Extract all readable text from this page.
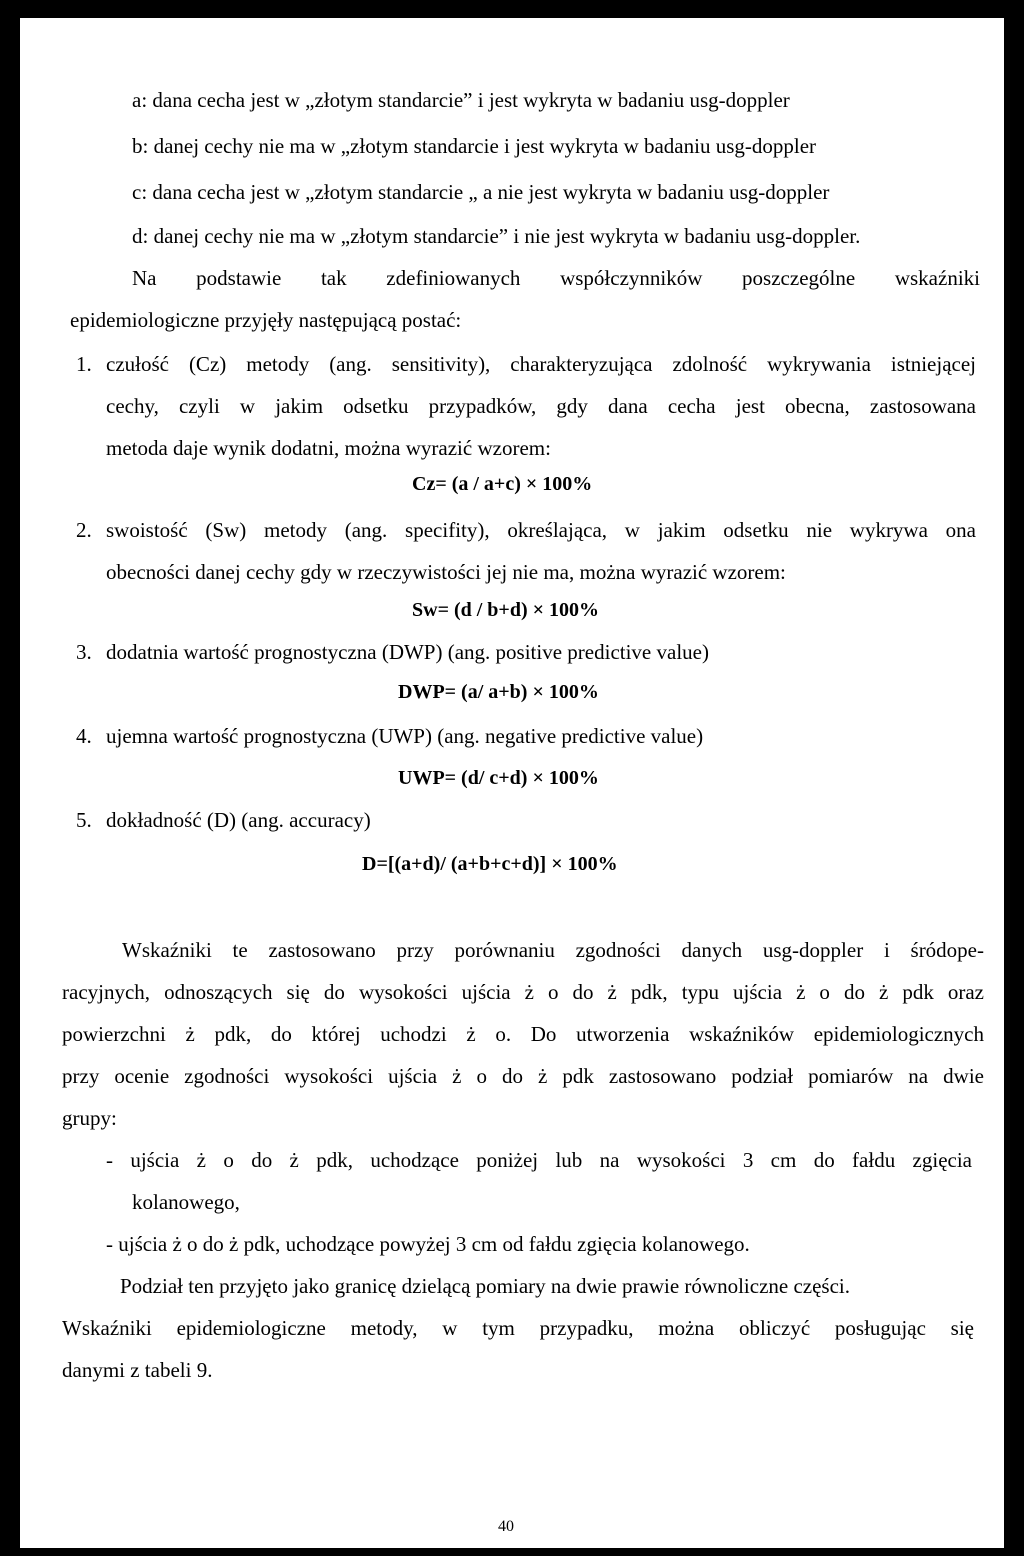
a: dana cecha jest w „złotym standarcie” i jest wykryta w badaniu usg-doppler
b: danej cechy nie ma w „złotym standarcie i jest wykryta w badaniu usg-doppler
c: dana cecha jest w „złotym standarcie „ a nie jest wykryta w badaniu usg-doppler
d: danej cechy nie ma w „złotym standarcie” i nie jest wykryta w badaniu usg-doppler.
Na podstawie tak zdefiniowanych współczynników poszczególne wskaźniki
epidemiologiczne przyjęły następującą postać:
1. czułość (Cz) metody (ang. sensitivity), charakteryzująca zdolność wykrywania istniejącej
cechy, czyli w jakim odsetku przypadków, gdy dana cecha jest obecna, zastosowana
metoda daje wynik dodatni, można wyrazić wzorem:
Cz= (a / a+c) × 100%
2. swoistość (Sw) metody (ang. specifity), określająca, w jakim odsetku nie wykrywa ona
obecności danej cechy gdy w rzeczywistości jej nie ma, można wyrazić wzorem:
Sw= (d / b+d) × 100%
3. dodatnia wartość prognostyczna (DWP) (ang. positive predictive value)
DWP= (a/ a+b) × 100%
4. ujemna wartość prognostyczna (UWP) (ang. negative predictive value)
UWP= (d/ c+d) × 100%
5. dokładność (D) (ang. accuracy)
D=[(a+d)/ (a+b+c+d)] × 100%
Wskaźniki te zastosowano przy porównaniu zgodności danych usg-doppler i śródope-
racyjnych, odnoszących się do wysokości ujścia ż o do ż pdk, typu ujścia ż o do ż pdk oraz
powierzchni ż pdk, do której uchodzi ż o. Do utworzenia wskaźników epidemiologicznych
przy ocenie zgodności wysokości ujścia ż o do ż pdk zastosowano podział pomiarów na dwie
grupy:
- ujścia ż o do ż pdk, uchodzące poniżej lub na wysokości 3 cm do fałdu zgięcia
kolanowego,
- ujścia ż o do ż pdk, uchodzące powyżej 3 cm od fałdu zgięcia kolanowego.
Podział ten przyjęto jako granicę dzielącą pomiary na dwie prawie równoliczne części.
Wskaźniki epidemiologiczne metody, w tym przypadku, można obliczyć posługując się
danymi z tabeli 9.
40
